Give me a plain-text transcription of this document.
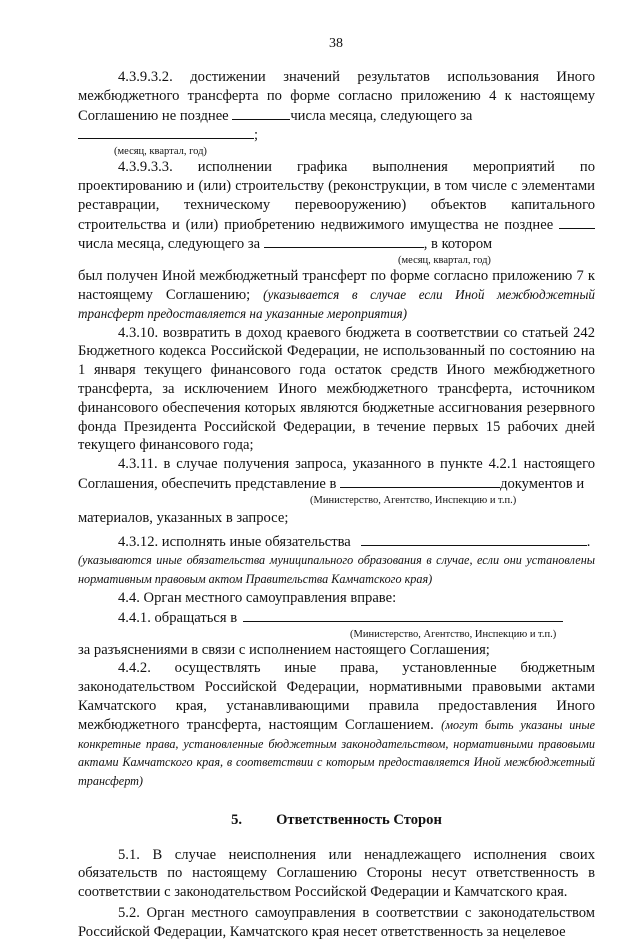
38

4.3.9.3.2. достижении значений результатов использования Иного межбюджетного трансферта по форме согласно приложению 4 к настоящему Соглашению не позднее	числа месяца, следующего за

;
(месяц, квартал, год)

4.3.9.3.3. исполнении графика выполнения мероприятий по проектированию и (или) строительству (реконструкции, в том числе с элементами реставрации, техническому перевооружению) объектов капитального строительства и (или) приобретению недвижимого имущества не позднее  числа месяца, следующего за	, в котором

(месяц, квартал, год)

был получен Иной межбюджетный трансферт по форме согласно приложению 7 к настоящему Соглашению; (указывается в случае если Иной межбюджетный трансферт предоставляется на указанные мероприятия)

4.3.10. возвратить в доход краевого бюджета в соответствии со статьей 242 Бюджетного кодекса Российской Федерации, не использованный по состоянию на 1 января текущего финансового года остаток средств Иного межбюджетного трансферта, за исключением Иного межбюджетного трансферта, источником финансового обеспечения которых являются бюджетные ассигнования резервного фонда Президента Российской Федерации, в течение первых 15 рабочих дней текущего финансового года;

4.3.11. в случае получения запроса, указанного в пункте 4.2.1 настоящего Соглашения, обеспечить представление в	документов и

(Министерство, Агентство, Инспекцию и т.п.)
материалов, указанных в запросе;
4.3.12. исполнять иные обязательства	.

(указываются иные обязательства муниципального образования в случае, если они установлены нормативным правовым актом Правительства Камчатского края)

4.4. Орган местного самоуправления вправе:

4.4.1. обращаться в
(Министерство, Агентство, Инспекцию и т.п.)
за разъяснениями в связи с исполнением настоящего Соглашения;

4.4.2. осуществлять иные права, установленные бюджетным законодательством Российской Федерации, нормативными правовыми актами Камчатского края, устанавливающими правила предоставления Иного межбюджетного трансферта, настоящим Соглашением. (могут быть указаны иные конкретные права, установленные бюджетным законодательством, нормативными правовыми актами Камчатского края, в соответствии с которым предоставляется Иной межбюджетный трансферт)

5. Ответственность Сторон

5.1. В случае неисполнения или ненадлежащего исполнения своих обязательств по настоящему Соглашению Стороны несут ответственность в соответствии с законодательством Российской Федерации и Камчатского края.

5.2. Орган местного самоуправления в соответствии с законодательством Российской Федерации, Камчатского края несет ответственность за нецелевое
